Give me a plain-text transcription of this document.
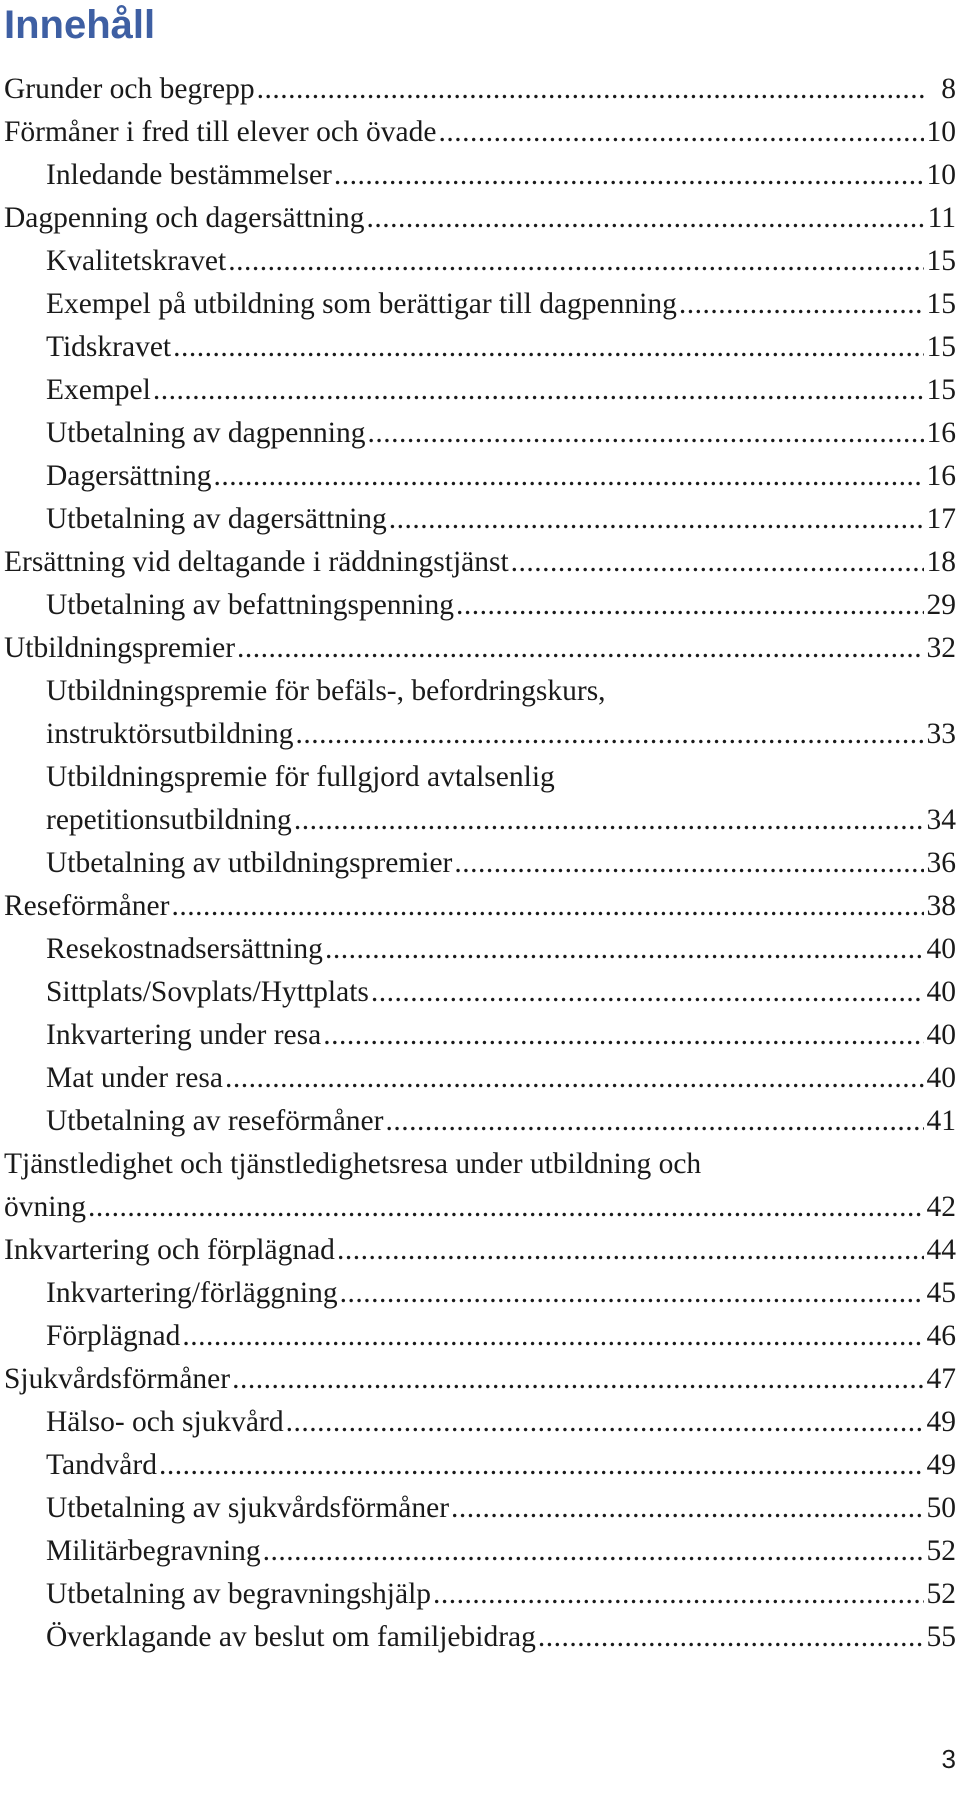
Innehåll
Grunder och begrepp .....	8
Förmåner i fred till elever och övade .....	10
Inledande bestämmelser .....	10
Dagpenning och dagersättning .....	11
Kvalitetskravet .....	15
Exempel på utbildning som berättigar till dagpenning .....	15
Tidskravet .....	15
Exempel .....	15
Utbetalning av dagpenning .....	16
Dagersättning .....	16
Utbetalning av dagersättning .....	17
Ersättning vid deltagande i räddningstjänst .....	18
Utbetalning av befattningspenning .....	29
Utbildningspremier .....	32
Utbildningspremie för befäls-, befordringskurs,
instruktörsutbildning .....	33
Utbildningspremie för fullgjord avtalsenlig
repetitionsutbildning .....	34
Utbetalning av utbildningspremier .....	36
Reseförmåner .....	38
Resekostnadsersättning .....	40
Sittplats/Sovplats/Hyttplats .....	40
Inkvartering under resa .....	40
Mat under resa .....	40
Utbetalning av reseförmåner .....	41
Tjänstledighet och tjänstledighetsresa under utbildning och
övning .....	42
Inkvartering och förplägnad .....	44
Inkvartering/förläggning .....	45
Förplägnad .....	46
Sjukvårdsförmåner .....	47
Hälso- och sjukvård .....	49
Tandvård .....	49
Utbetalning av sjukvårdsförmåner .....	50
Militärbegravning .....	52
Utbetalning av begravningshjälp .....	52
Överklagande av beslut om familjebidrag .....	55
3
